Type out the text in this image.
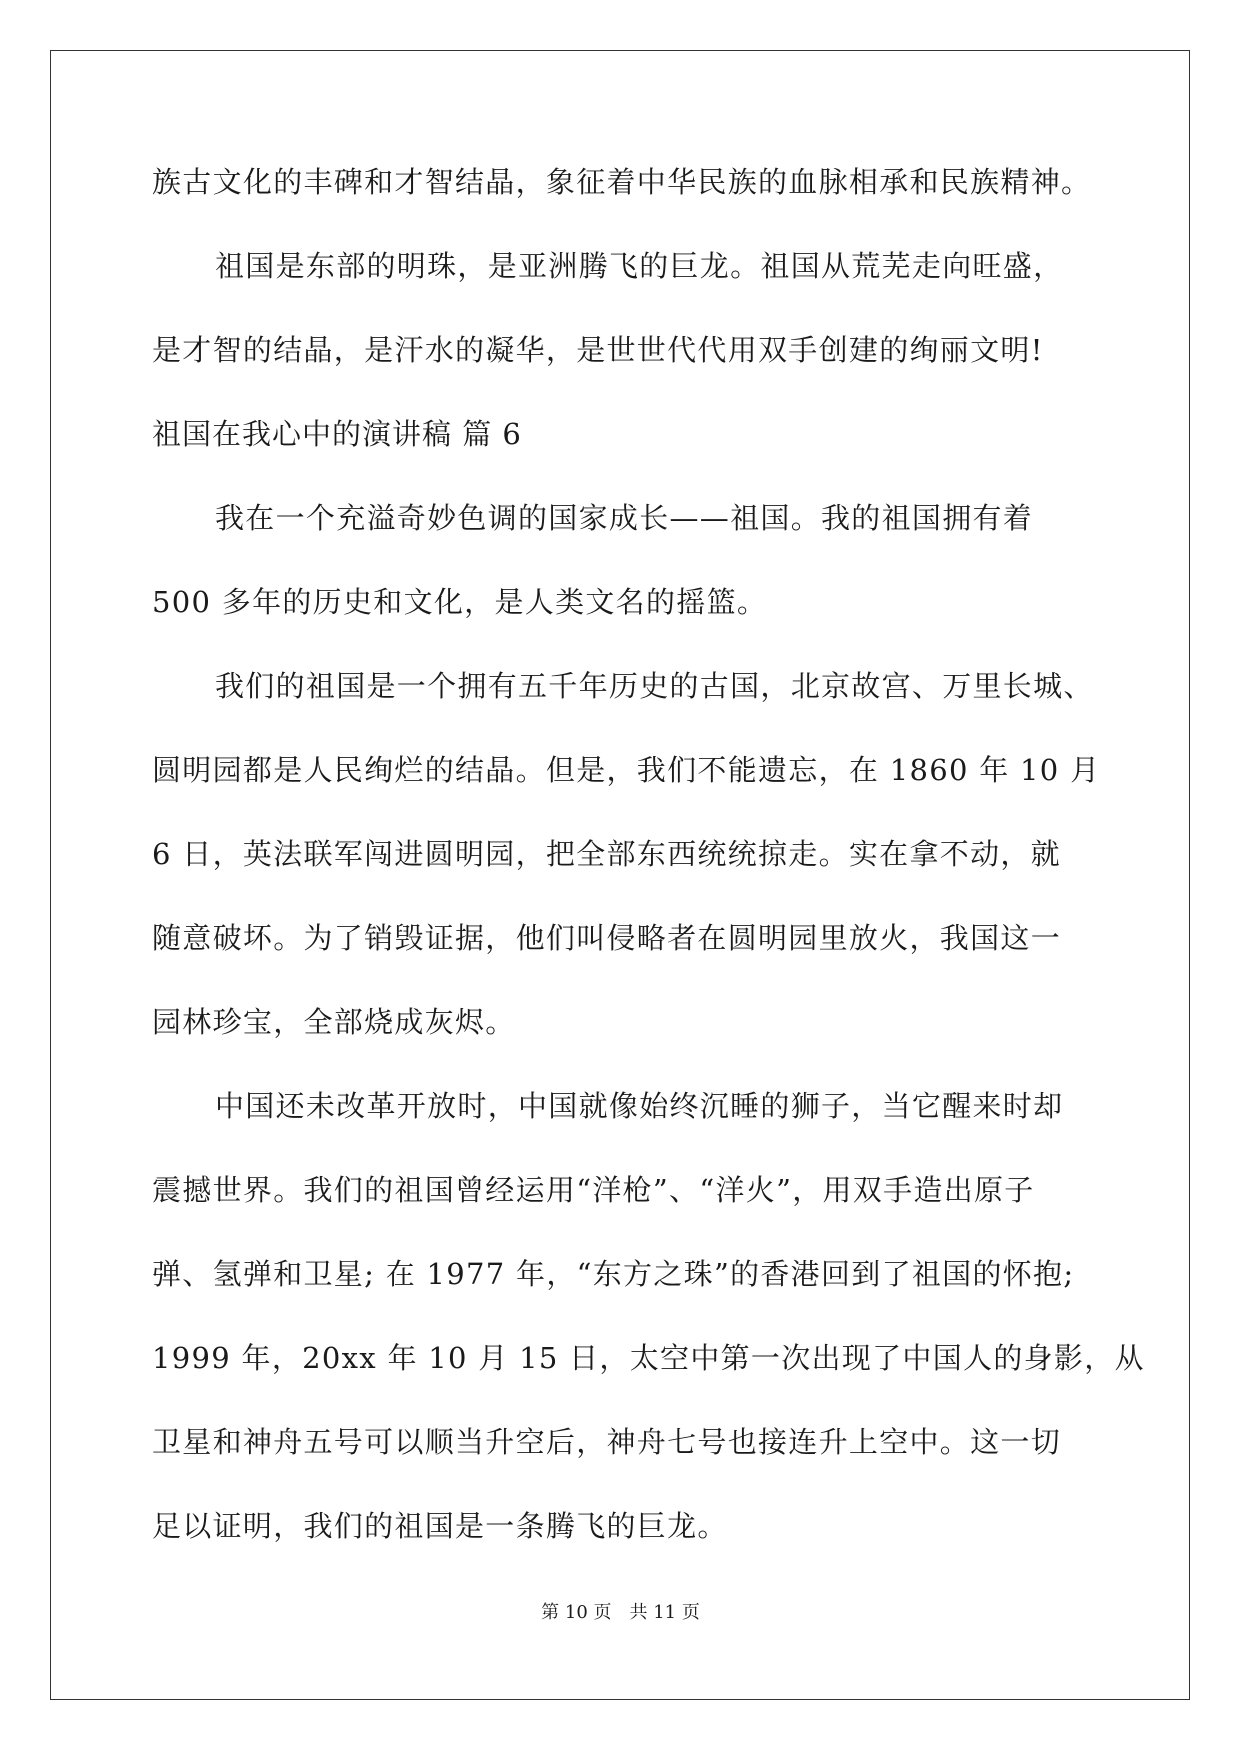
族古文化的丰碑和才智结晶，象征着中华民族的血脉相承和民族精神。
祖国是东部的明珠，是亚洲腾飞的巨龙。祖国从荒芜走向旺盛，
是才智的结晶，是汗水的凝华，是世世代代用双手创建的绚丽文明!
祖国在我心中的演讲稿 篇 6
我在一个充溢奇妙色调的国家成长——祖国。我的祖国拥有着
500 多年的历史和文化，是人类文名的摇篮。
我们的祖国是一个拥有五千年历史的古国，北京故宫、万里长城、
圆明园都是人民绚烂的结晶。但是，我们不能遗忘，在 1860 年 10 月
6 日，英法联军闯进圆明园，把全部东西统统掠走。实在拿不动，就
随意破坏。为了销毁证据，他们叫侵略者在圆明园里放火，我国这一
园林珍宝，全部烧成灰烬。
中国还未改革开放时，中国就像始终沉睡的狮子，当它醒来时却
震撼世界。我们的祖国曾经运用“洋枪”、“洋火”，用双手造出原子
弹、氢弹和卫星; 在 1977 年，“东方之珠”的香港回到了祖国的怀抱;
1999 年，20xx 年 10 月 15 日，太空中第一次出现了中国人的身影，从
卫星和神舟五号可以顺当升空后，神舟七号也接连升上空中。这一切
足以证明，我们的祖国是一条腾飞的巨龙。
第 10 页 共 11 页
